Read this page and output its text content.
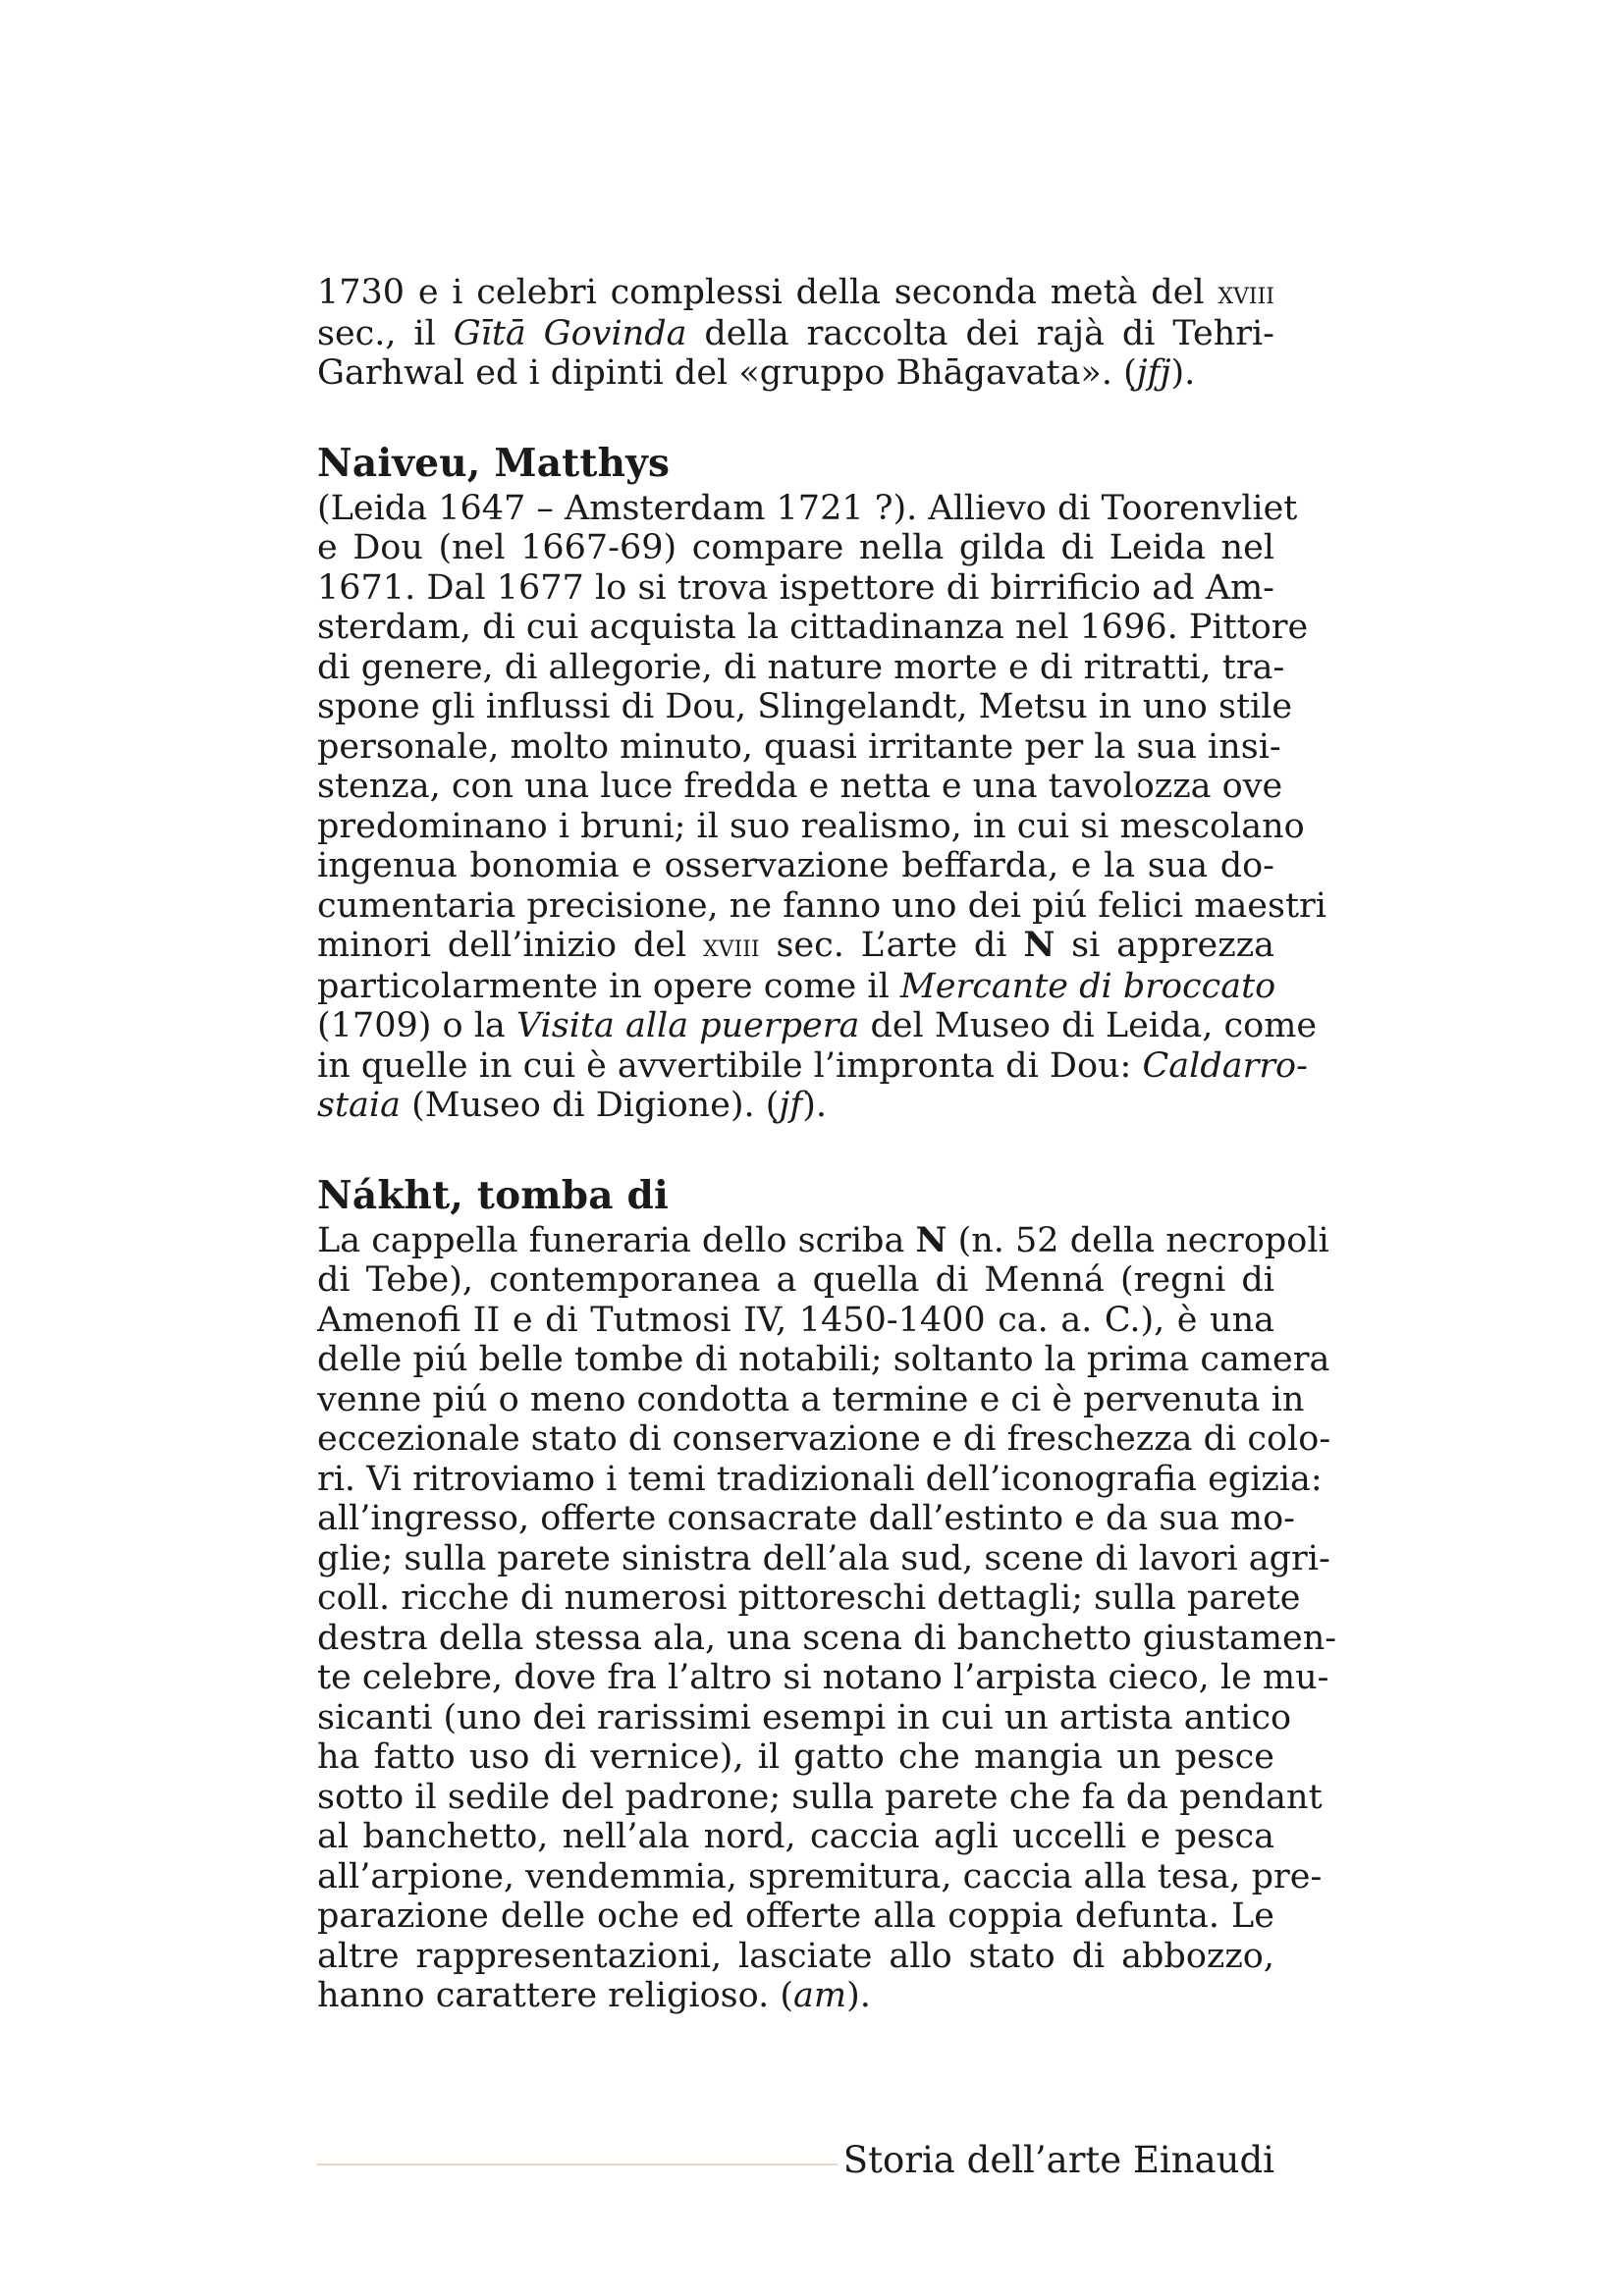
1730 e i celebri complessi della seconda metà del xviii
sec., il Gītā Govinda della raccolta dei rajà di Tehri-
Garhwal ed i dipinti del «gruppo Bhāgavata». (jfj).

Naiveu, Matthys

(Leida 1647 – Amsterdam 1721 ?). Allievo di Toorenvliet
e Dou (nel 1667-69) compare nella gilda di Leida nel
1671. Dal 1677 lo si trova ispettore di birrificio ad Am-
sterdam, di cui acquista la cittadinanza nel 1696. Pittore
di genere, di allegorie, di nature morte e di ritratti, tra-
spone gli influssi di Dou, Slingelandt, Metsu in uno stile
personale, molto minuto, quasi irritante per la sua insi-
stenza, con una luce fredda e netta e una tavolozza ove
predominano i bruni; il suo realismo, in cui si mescolano
ingenua bonomia e osservazione beffarda, e la sua do-
cumentaria precisione, ne fanno uno dei piú felici maestri
minori dell’inizio del xviii sec. L’arte di N si apprezza
particolarmente in opere come il Mercante di broccato
(1709) o la Visita alla puerpera del Museo di Leida, come
in quelle in cui è avvertibile l’impronta di Dou: Caldarro-
staia (Museo di Digione). (jf).

Nákht, tomba di

La cappella funeraria dello scriba N (n. 52 della necropoli
di Tebe), contemporanea a quella di Menná (regni di
Amenofi II e di Tutmosi IV, 1450-1400 ca. a. C.), è una
delle piú belle tombe di notabili; soltanto la prima camera
venne piú o meno condotta a termine e ci è pervenuta in
eccezionale stato di conservazione e di freschezza di colo-
ri. Vi ritroviamo i temi tradizionali dell’iconografia egizia:
all’ingresso, offerte consacrate dall’estinto e da sua mo-
glie; sulla parete sinistra dell’ala sud, scene di lavori agri-
coll. ricche di numerosi pittoreschi dettagli; sulla parete
destra della stessa ala, una scena di banchetto giustamen-
te celebre, dove fra l’altro si notano l’arpista cieco, le mu-
sicanti (uno dei rarissimi esempi in cui un artista antico
ha fatto uso di vernice), il gatto che mangia un pesce
sotto il sedile del padrone; sulla parete che fa da pendant
al banchetto, nell’ala nord, caccia agli uccelli e pesca
all’arpione, vendemmia, spremitura, caccia alla tesa, pre-
parazione delle oche ed offerte alla coppia defunta. Le
altre rappresentazioni, lasciate allo stato di abbozzo,
hanno carattere religioso. (am).

Storia dell’arte Einaudi
